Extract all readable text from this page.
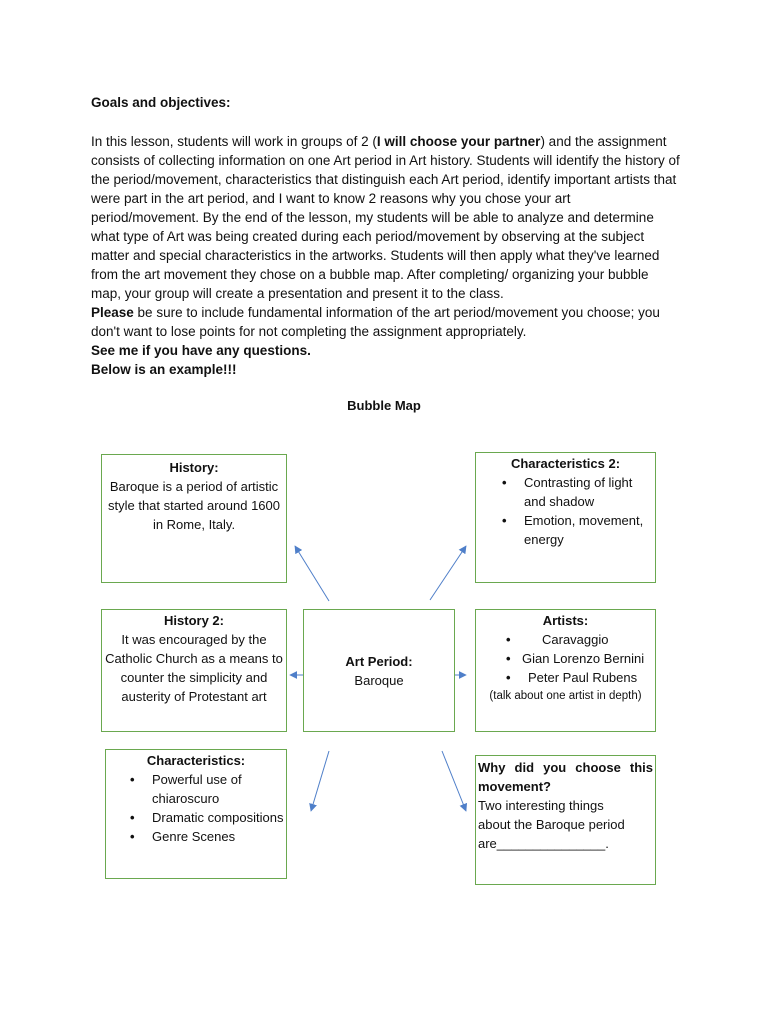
Goals and objectives:

In this lesson, students will work in groups of 2 (I will choose your partner) and the assignment consists of collecting information on one Art period in Art history. Students will identify the history of the period/movement, characteristics that distinguish each Art period, identify important artists that were part in the art period, and I want to know 2 reasons why you chose your art period/movement. By the end of the lesson, my students will be able to analyze and determine what type of Art was being created during each period/movement by observing at the subject matter and special characteristics in the artworks. Students will then apply what they've learned from the art movement they chose on a bubble map. After completing/ organizing your bubble map, your group will create a presentation and present it to the class.

Please be sure to include fundamental information of the art period/movement you choose; you don't want to lose points for not completing the assignment appropriately.

See me if you have any questions.

Below is an example!!!

Bubble Map
History:
Baroque is a period of artistic style that started around 1600 in Rome, Italy.
Characteristics 2:
• Contrasting of light and shadow
• Emotion, movement, energy
History 2:
It was encouraged by the Catholic Church as a means to counter the simplicity and austerity of Protestant art
Art Period:
Baroque
Artists:
• Caravaggio
• Gian Lorenzo Bernini
• Peter Paul Rubens
(talk about one artist in depth)
Characteristics:
• Powerful use of chiaroscuro
• Dramatic compositions
• Genre Scenes
Why did you choose this movement?
Two interesting things about the Baroque period are_______________.
